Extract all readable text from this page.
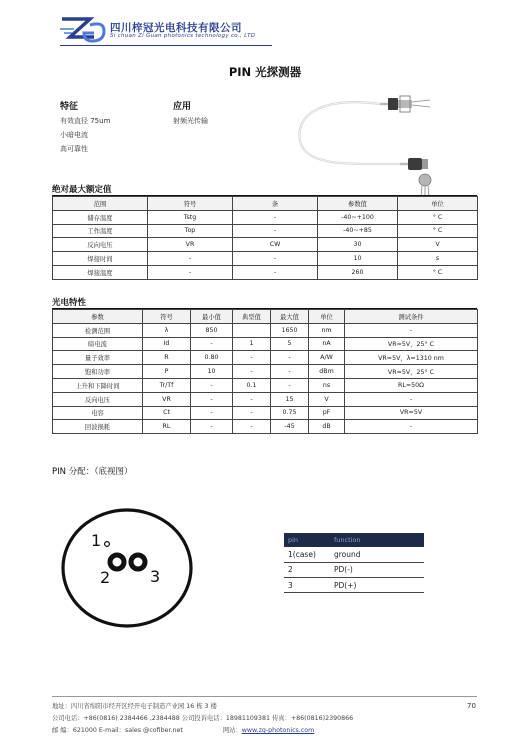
四川梓冠光电科技有限公司
Si chuan Zi Guan photonics technology co., LTD
PIN 光探测器
特征
有效直径 75um
小暗电流
高可靠性
应用
射频光传输
绝对最大额定值
范围	符号	条	参数值	单位
储存温度	Tstg	-	-40~+100	° C
工作温度	Top	-	-40~+85	° C
反向电压	VR	CW	30	V
焊接时间	-	-	10	s
焊接温度	-	-	260	° C
光电特性
参数	符号	最小值	典型值	最大值	单位	测试条件
检测范围	λ	850		1650	nm	-
暗电流	Id	-	1	5	nA	VR=5V，25° C
量子效率	R	0.80	-	-	A/W	VR=5V，λ=1310 nm
饱和功率	P	10	-	-	dBm	VR=5V，25° C
上升和下降时间	Tr/Tf	-	0.1	-	ns	RL=50Ω
反向电压	VR	-	-	15	V	-
电容	Ct	-	-	0.75	pF	VR=5V
回波损耗	RL	-	-	-45	dB	-
PIN 分配：（底视图）
1
2 3
pin	function
1(case)	ground
2	PD(-)
3	PD(+)
地址：四川省绵阳市经开区经开电子制造产业园 16 栋 3 楼
公司电话：+86(0816) 2384466 ,2384488 公司投诉电话：18981109381 传真：+86(0816)2390866
邮 编：621000 E-mail：sales @cofiber.net	网站：www.zg-photonics.com
70
